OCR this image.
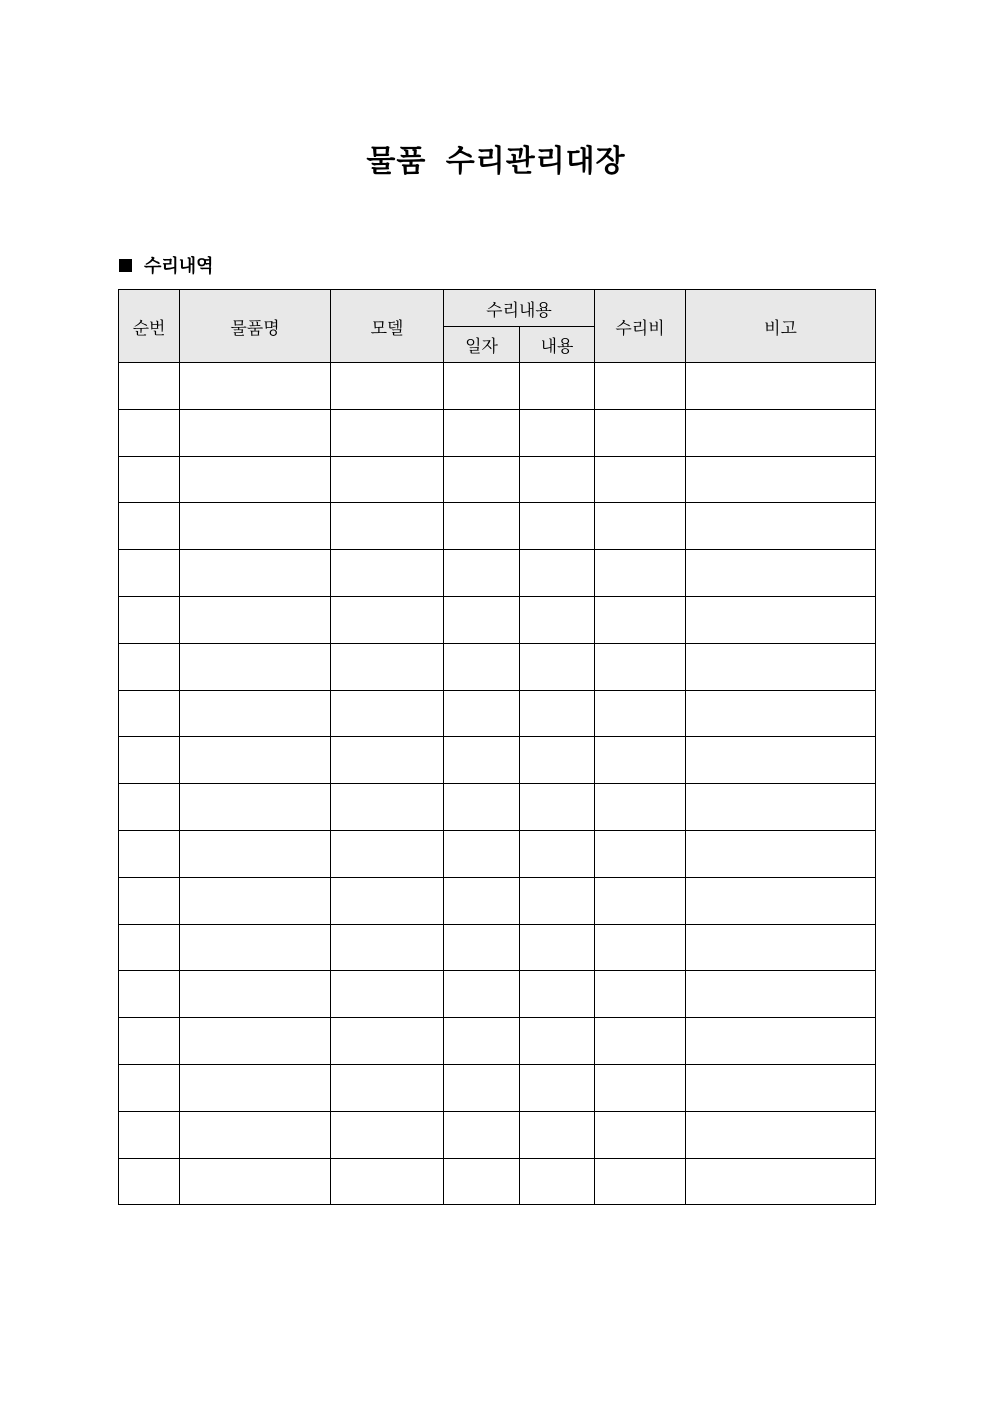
물품 수리관리대장
수리내역
순번	물품명	모델	수리내용		수리비	비고
			일자	내용		
